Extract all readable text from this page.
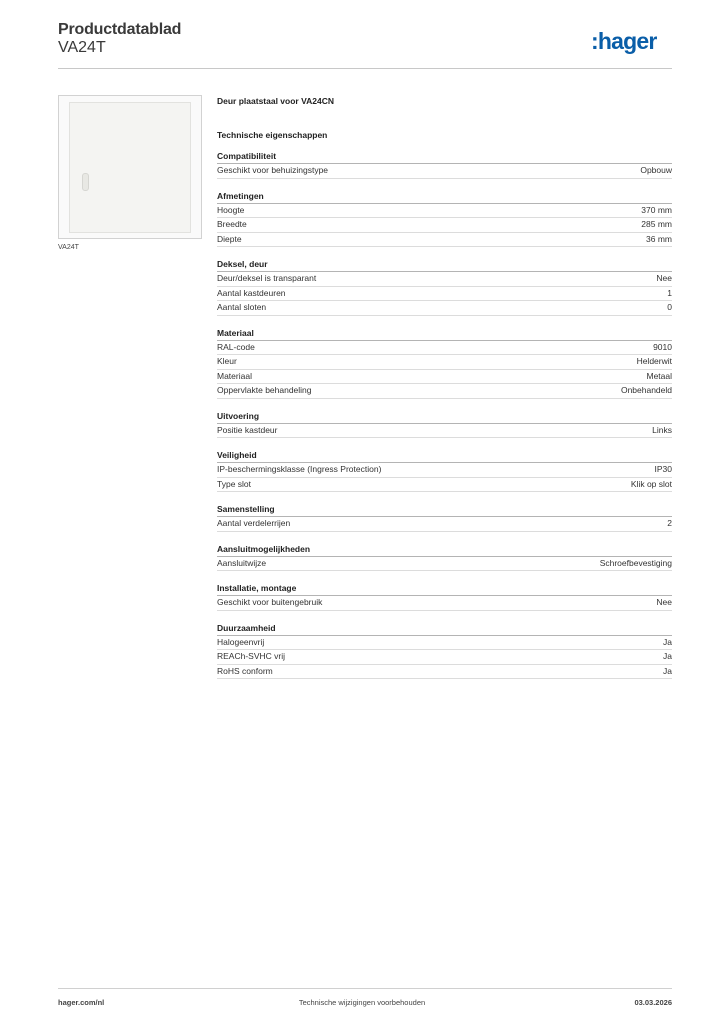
Productdatablad
VA24T	:hager
VA24T
Deur plaatstaal voor VA24CN
Technische eigenschappen
Compatibiliteit
Geschikt voor behuizingstype	Opbouw
Afmetingen
Hoogte	370 mm
Breedte	285 mm
Diepte	36 mm
Deksel, deur
Deur/deksel is transparant	Nee
Aantal kastdeuren	1
Aantal sloten	0
Materiaal
RAL-code	9010
Kleur	Helderwit
Materiaal	Metaal
Oppervlakte behandeling	Onbehandeld
Uitvoering
Positie kastdeur	Links
Veiligheid
IP-beschermingsklasse (Ingress Protection)	IP30
Type slot	Klik op slot
Samenstelling
Aantal verdelerrijen	2
Aansluitmogelijkheden
Aansluitwijze	Schroefbevestiging
Installatie, montage
Geschikt voor buitengebruik	Nee
Duurzaamheid
Halogeenvrij	Ja
REACh-SVHC vrij	Ja
RoHS conform	Ja
hager.com/nl	Technische wijzigingen voorbehouden	03.03.2026
